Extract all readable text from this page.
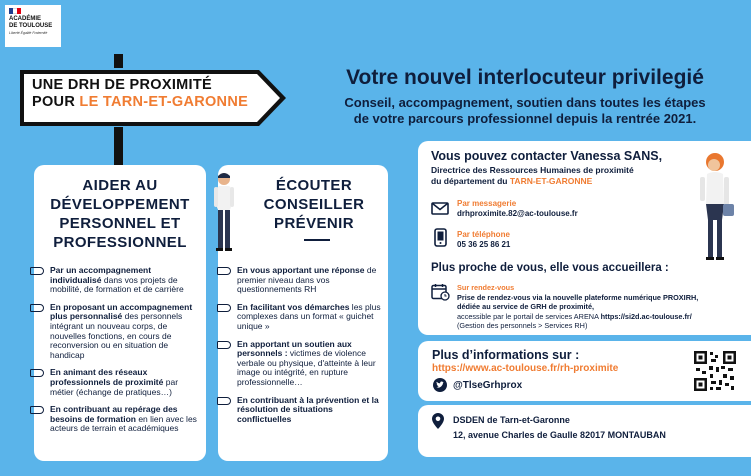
ACADÉMIE
DE TOULOUSE
Liberté Égalité Fraternité
UNE DRH DE PROXIMITÉ
POUR LE TARN-ET-GARONNE
Votre nouvel interlocuteur privilegié
Conseil, accompagnement, soutien dans toutes les étapes
de votre parcours professionnel depuis la rentrée 2021.
AIDER AU
DÉVELOPPEMENT
PERSONNEL ET
PROFESSIONNEL
Par un accompagnement individualisé dans vos projets de mobilité, de formation et de carrière
En proposant un accompagnement plus personnalisé des personnels intégrant un nouveau corps, de nouvelles fonctions, en cours de reconversion ou en situation de handicap
En animant des réseaux professionnels de proximité par métier (échange de pratiques…)
En contribuant au repérage des besoins de formation en lien avec les acteurs de terrain et académiques
ÉCOUTER
CONSEILLER
PRÉVENIR
En vous apportant une réponse de premier niveau dans vos questionnements RH
En facilitant vos démarches les plus complexes dans un format « guichet unique »
En apportant un soutien aux personnels : victimes de violence verbale ou physique, d'atteinte à leur image ou intégrité, en rupture professionnelle…
En contribuant à la prévention et la résolution de situations conflictuelles
Vous pouvez contacter Vanessa SANS,
Directrice des Ressources Humaines de proximité
du département du TARN-ET-GARONNE
Par messagerie
drhproximite.82@ac-toulouse.fr
Par téléphone
05 36 25 86 21
Plus proche de vous, elle vous accueillera :
Sur rendez-vous
Prise de rendez-vous via la nouvelle plateforme numérique PROXIRH,
dédiée au service de GRH de proximité,
accessible par le portail de services ARENA https://si2d.ac-toulouse.fr/
(Gestion des personnels > Services RH)
Plus d’informations sur :
https://www.ac-toulouse.fr/rh-proximite
@TlseGrhprox
DSDEN de Tarn-et-Garonne
12, avenue Charles de Gaulle 82017 MONTAUBAN
